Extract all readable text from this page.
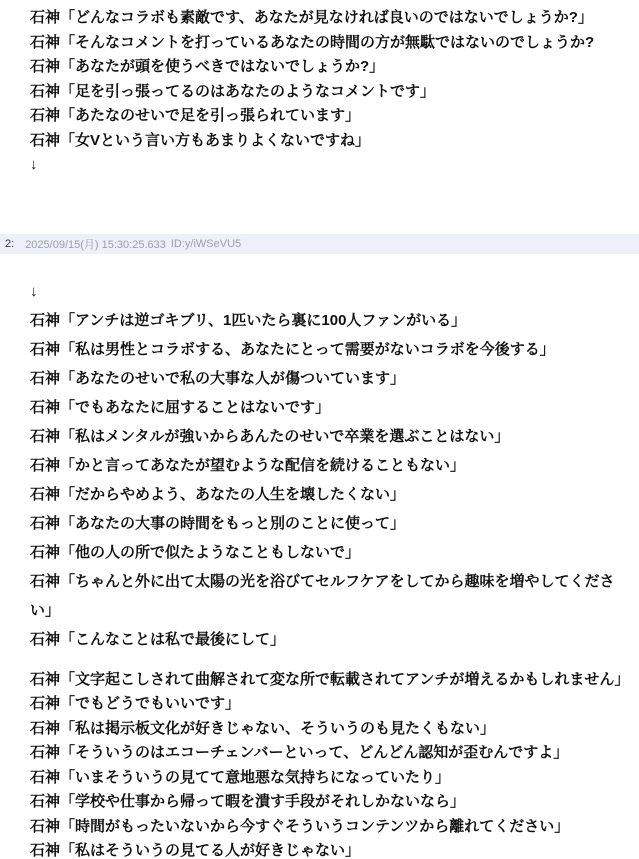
石神「どんなコラボも素敵です、あなたが見なければ良いのではないでしょうか?」
石神「そんなコメントを打っているあなたの時間の方が無駄ではないのでしょうか?
石神「あなたが頭を使うべきではないでしょうか?」
石神「足を引っ張ってるのはあなたのようなコメントです」
石神「あたなのせいで足を引っ張られています」
石神「女Vという言い方もあまりよくないですね」
↓
2: 2025/09/15(月) 15:30:25.633 ID:y/iWSeVU5
↓
石神「アンチは逆ゴキブリ、1匹いたら裏に100人ファンがいる」
石神「私は男性とコラボする、あなたにとって需要がないコラボを今後する」
石神「あなたのせいで私の大事な人が傷ついています」
石神「でもあなたに屈することはないです」
石神「私はメンタルが強いからあんたのせいで卒業を選ぶことはない」
石神「かと言ってあなたが望むような配信を続けることもない」
石神「だからやめよう、あなたの人生を壊したくない」
石神「あなたの大事の時間をもっと別のことに使って」
石神「他の人の所で似たようなこともしないで」
石神「ちゃんと外に出て太陽の光を浴びてセルフケアをしてから趣味を増やしてください」
石神「こんなことは私で最後にして」
石神「文字起こしされて曲解されて変な所で転載されてアンチが増えるかもしれません」
石神「でもどうでもいいです」
石神「私は掲示板文化が好きじゃない、そういうのも見たくもない」
石神「そういうのはエコーチェンバーといって、どんどん認知が歪むんですよ」
石神「いまそういうの見てて意地悪な気持ちになっていたり」
石神「学校や仕事から帰って暇を潰す手段がそれしかないなら」
石神「時間がもったいないから今すぐそういうコンテンツから離れてください」
石神「私はそういうの見てる人が好きじゃない」
